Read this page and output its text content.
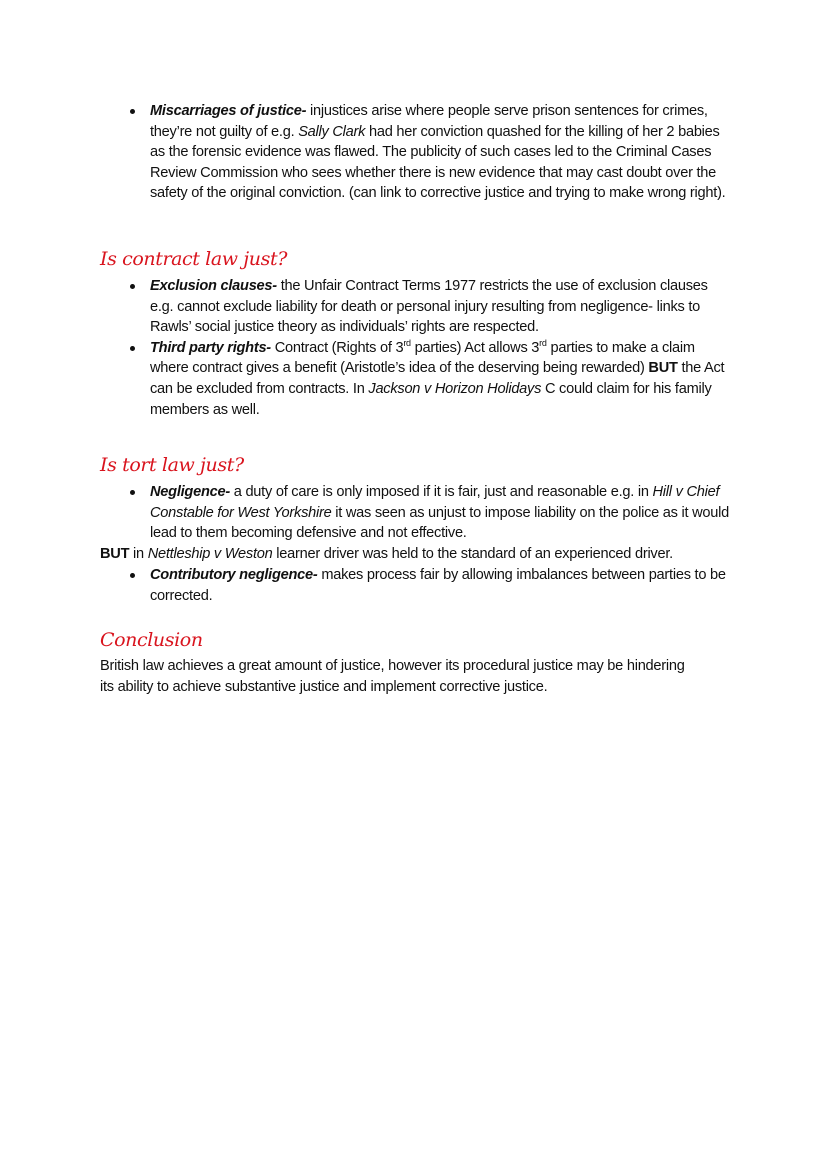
Miscarriages of justice- injustices arise where people serve prison sentences for crimes, they’re not guilty of e.g. Sally Clark had her conviction quashed for the killing of her 2 babies as the forensic evidence was flawed. The publicity of such cases led to the Criminal Cases Review Commission who sees whether there is new evidence that may cast doubt over the safety of the original conviction. (can link to corrective justice and trying to make wrong right).
Is contract law just?
Exclusion clauses- the Unfair Contract Terms 1977 restricts the use of exclusion clauses e.g. cannot exclude liability for death or personal injury resulting from negligence- links to Rawls’ social justice theory as individuals’ rights are respected.
Third party rights- Contract (Rights of 3rd parties) Act allows 3rd parties to make a claim where contract gives a benefit (Aristotle’s idea of the deserving being rewarded) BUT the Act can be excluded from contracts. In Jackson v Horizon Holidays C could claim for his family members as well.
Is tort law just?
Negligence- a duty of care is only imposed if it is fair, just and reasonable e.g. in Hill v Chief Constable for West Yorkshire it was seen as unjust to impose liability on the police as it would lead to them becoming defensive and not effective.

BUT in Nettleship v Weston learner driver was held to the standard of an experienced driver.

Contributory negligence- makes process fair by allowing imbalances between parties to be corrected.
Conclusion

British law achieves a great amount of justice, however its procedural justice may be hindering its ability to achieve substantive justice and implement corrective justice.
